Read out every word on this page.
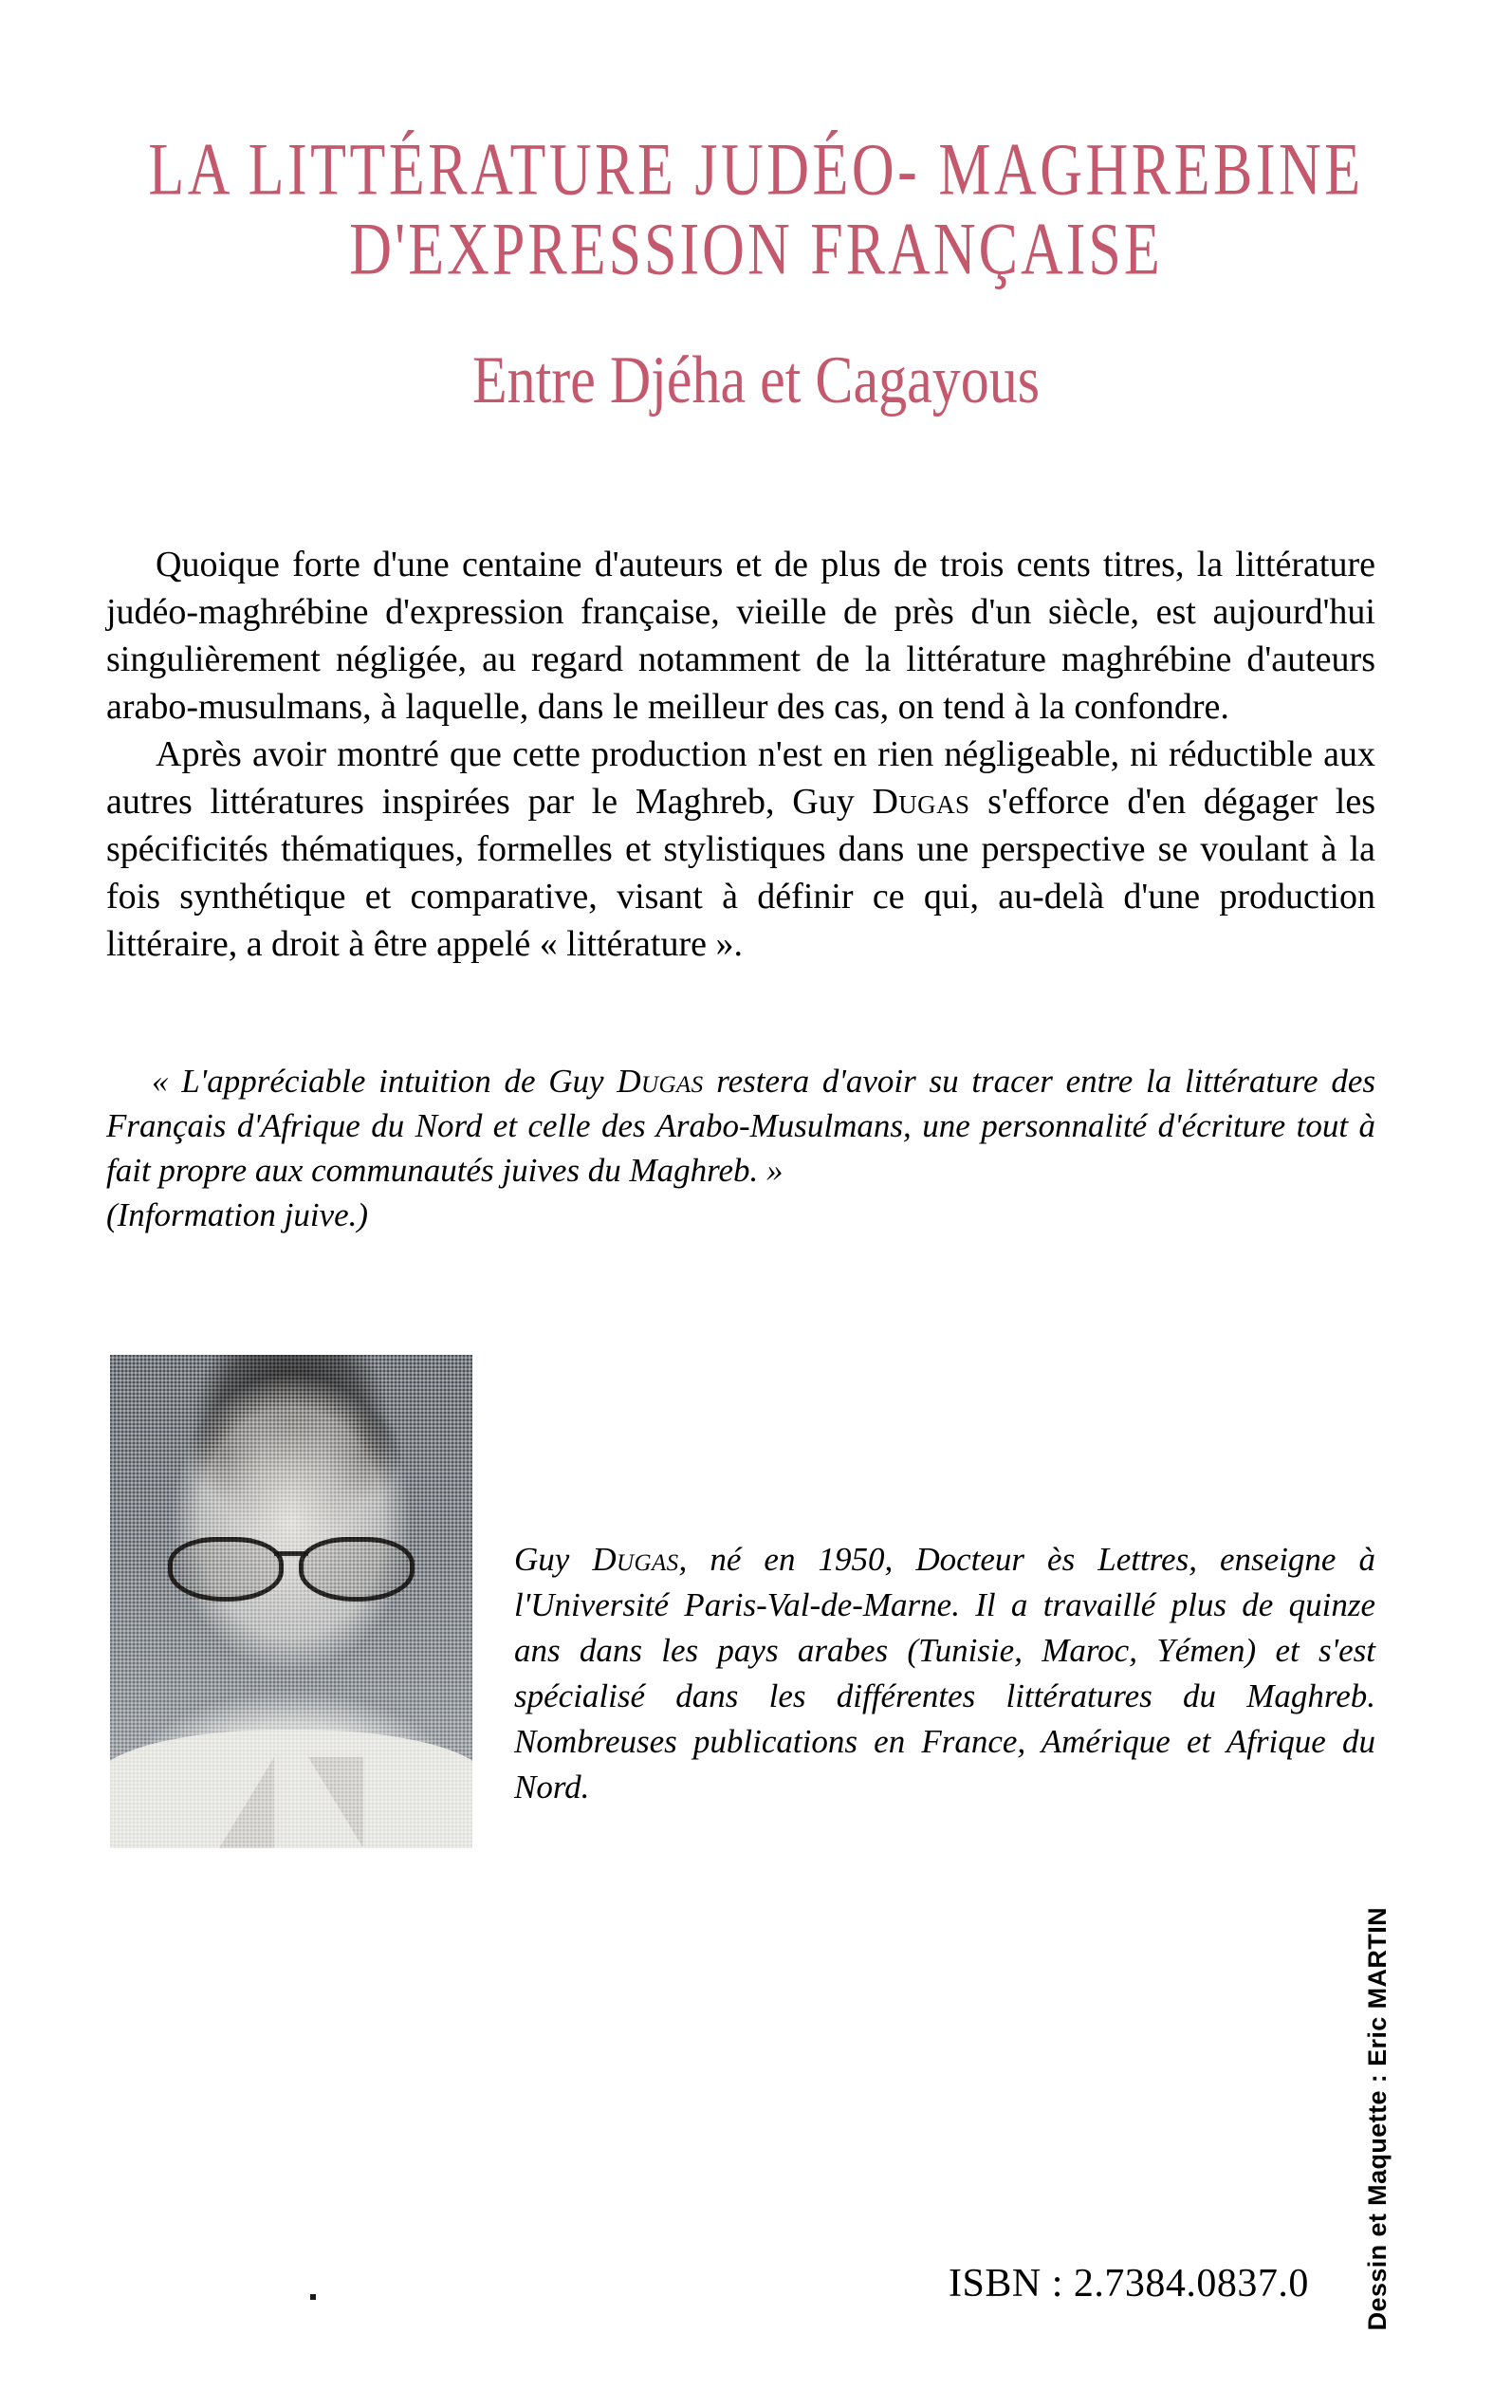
LA LITTÉRATURE JUDÉO- MAGHREBINE
D'EXPRESSION FRANÇAISE
Entre Djéha et Cagayous

Quoique forte d'une centaine d'auteurs et de plus de trois cents titres, la littérature judéo-maghrébine d'expression française, vieille de près d'un siècle, est aujourd'hui singulièrement négligée, au regard notamment de la littérature maghrébine d'auteurs arabo-musulmans, à laquelle, dans le meilleur des cas, on tend à la confondre.

Après avoir montré que cette production n'est en rien négligeable, ni réductible aux autres littératures inspirées par le Maghreb, Guy Dugas s'efforce d'en dégager les spécificités thématiques, formelles et stylistiques dans une perspective se voulant à la fois synthétique et comparative, visant à définir ce qui, au-delà d'une production littéraire, a droit à être appelé « littérature ».

« L'appréciable intuition de Guy Dugas restera d'avoir su tracer entre la littérature des Français d'Afrique du Nord et celle des Arabo-Musulmans, une personnalité d'écriture tout à fait propre aux communautés juives du Maghreb. »

(Information juive.)

Guy Dugas, né en 1950, Docteur ès Lettres, enseigne à l'Université Paris-Val-de-Marne. Il a travaillé plus de quinze ans dans les pays arabes (Tunisie, Maroc, Yémen) et s'est spécialisé dans les différentes littératures du Maghreb. Nombreuses publications en France, Amérique et Afrique du Nord.

Dessin et Maquette : Eric MARTIN
ISBN : 2.7384.0837.0
